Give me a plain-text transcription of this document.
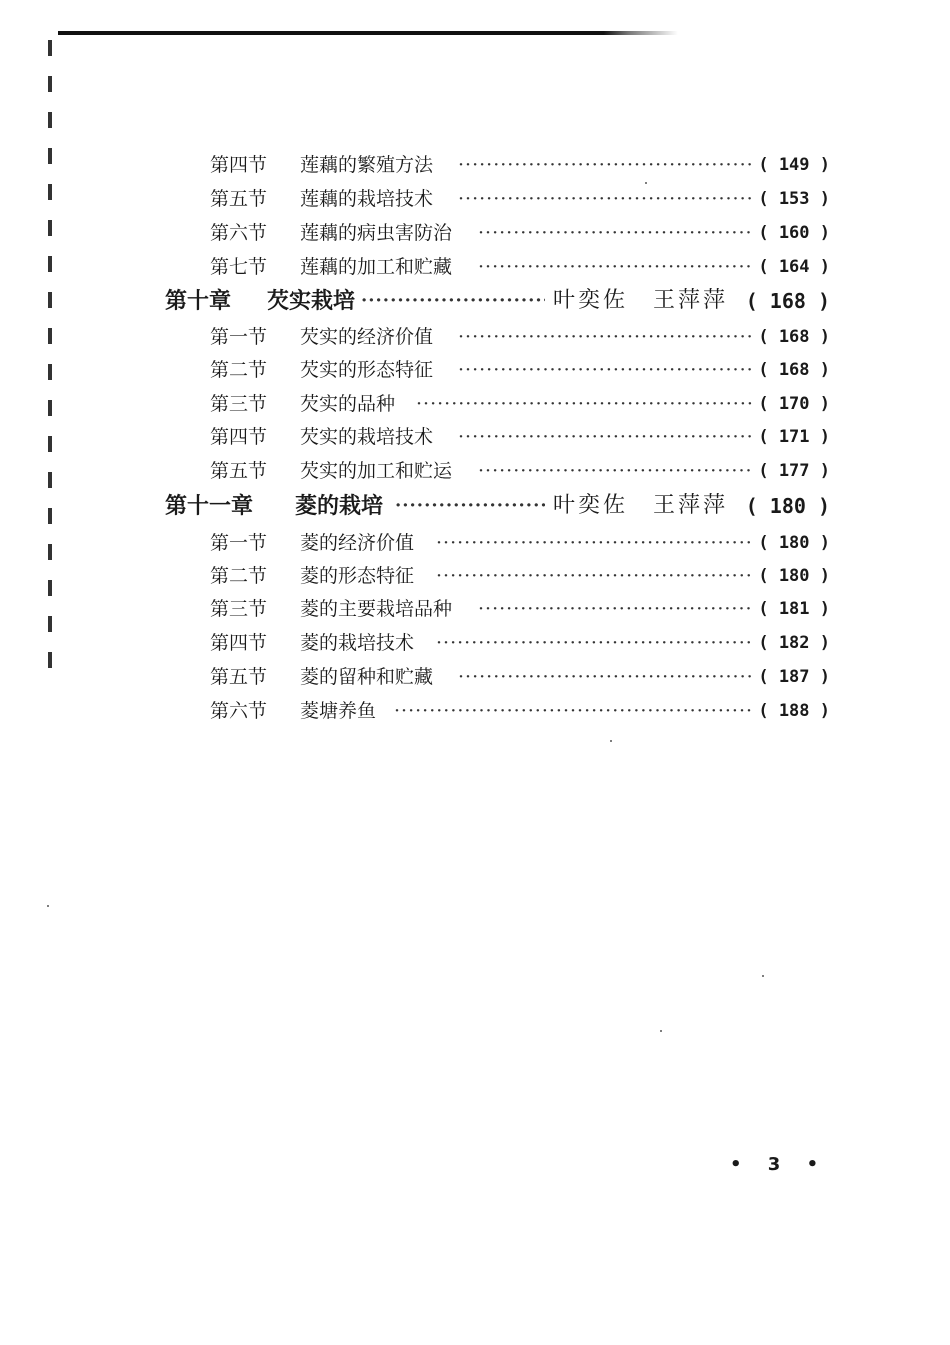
第四节 莲藕的繁殖方法 ·····	( 149 )
第五节 莲藕的栽培技术 ·····	( 153 )
第六节 莲藕的病虫害防治 ·····	( 160 )
第七节 莲藕的加工和贮藏 ·····	( 164 )
第十章 芡实栽培 ·····	叶奕佐　王萍萍 ( 168 )
第一节 芡实的经济价值 ·····	( 168 )
第二节 芡实的形态特征 ·····	( 168 )
第三节 芡实的品种 ·····	( 170 )
第四节 芡实的栽培技术 ·····	( 171 )
第五节 芡实的加工和贮运 ·····	( 177 )
第十一章 菱的栽培 ·····	叶奕佐　王萍萍 ( 180 )
第一节 菱的经济价值 ·····	( 180 )
第二节 菱的形态特征 ·····	( 180 )
第三节 菱的主要栽培品种 ·····	( 181 )
第四节 菱的栽培技术 ·····	( 182 )
第五节 菱的留种和贮藏 ·····	( 187 )
第六节 菱塘养鱼 ·····	( 188 )
• 3 •
